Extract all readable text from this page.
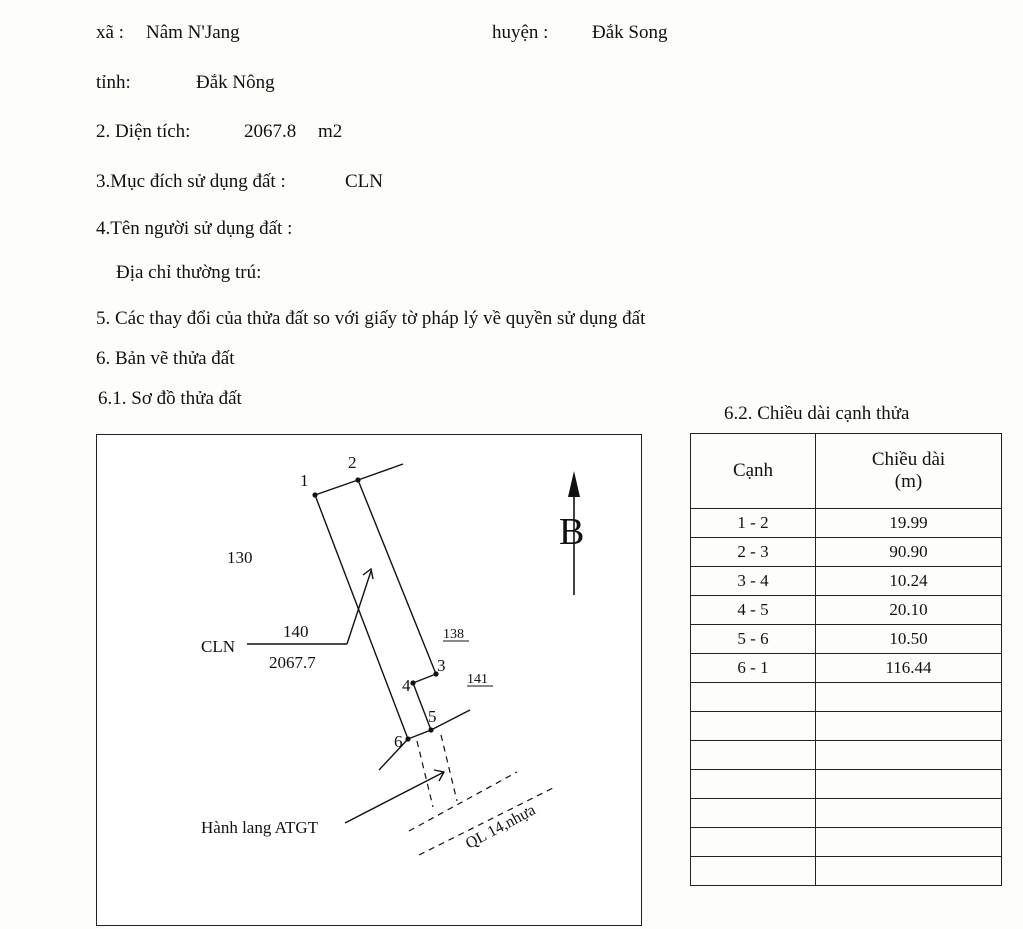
xã : Nâm N'Jang	huyện : Đắk Song
tỉnh:	Đắk Nông
2. Diện tích:	2067.8 m2
3.Mục đích sử dụng đất :	CLN
4.Tên người sử dụng đất :
Địa chỉ thường trú:
5. Các thay đổi của thửa đất so với giấy tờ pháp lý về quyền sử dụng đất
6. Bản vẽ thửa đất
6.1. Sơ đồ thửa đất
6.2. Chiều dài cạnh thửa
1
2
3
4
5
6
130
CLN
140
2067.7
Hành lang ATGT
138
141
B
QL 14,nhựa
Cạnh	Chiều dài
(m)
1 - 2	19.99
2 - 3	90.90
3 - 4	10.24
4 - 5	20.10
5 - 6	10.50
6 - 1	116.44
